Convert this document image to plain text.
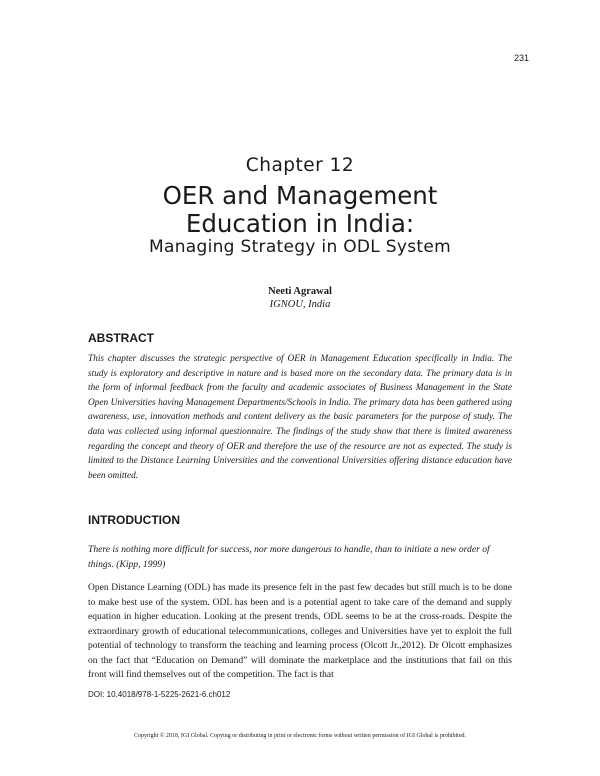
231
Chapter 12
OER and Management
Education in India:
Managing Strategy in ODL System
Neeti Agrawal
IGNOU, India
ABSTRACT
This chapter discusses the strategic perspective of OER in Management Education specifically in India. The study is exploratory and descriptive in nature and is based more on the secondary data. The primary data is in the form of informal feedback from the faculty and academic associates of Business Management in the State Open Universities having Management Departments/Schools in India. The primary data has been gathered using awareness, use, innovation methods and content delivery as the basic parameters for the purpose of study. The data was collected using informal questionnaire. The findings of the study show that there is limited awareness regarding the concept and theory of OER and therefore the use of the resource are not as expected. The study is limited to the Distance Learning Universities and the conventional Universities offering distance education have been omitted.
INTRODUCTION
There is nothing more difficult for success, nor more dangerous to handle, than to initiate a new order of things. (Kipp, 1999)
Open Distance Learning (ODL) has made its presence felt in the past few decades but still much is to be done to make best use of the system. ODL has been and is a potential agent to take care of the demand and supply equation in higher education. Looking at the present trends, ODL seems to be at the cross-roads. Despite the extraordinary growth of educational telecommunications, colleges and Universities have yet to exploit the full potential of technology to transform the teaching and learning process (Olcott Jr.,2012). Dr Olcott emphasizes on the fact that “Education on Demand” will dominate the marketplace and the institutions that fail on this front will find themselves out of the competition. The fact is that
DOI: 10.4018/978-1-5225-2621-6.ch012
Copyright © 2018, IGI Global. Copying or distributing in print or electronic forms without written permission of IGI Global is prohibited.
